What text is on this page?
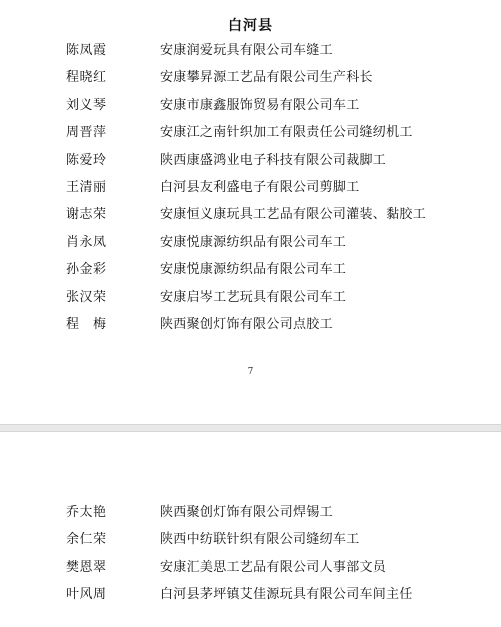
白河县
陈凤霞	安康润爱玩具有限公司车缝工
程晓红	安康攀昇源工艺品有限公司生产科长
刘义琴	安康市康鑫服饰贸易有限公司车工
周晋萍	安康江之南针织加工有限责任公司缝纫机工
陈爱玲	陕西康盛鸿业电子科技有限公司裁脚工
王清丽	白河县友利盛电子有限公司剪脚工
谢志荣	安康恒义康玩具工艺品有限公司灌装、黏胶工
肖永凤	安康悦康源纺织品有限公司车工
孙金彩	安康悦康源纺织品有限公司车工
张汉荣	安康启岑工艺玩具有限公司车工
程　梅	陕西聚创灯饰有限公司点胶工
7
乔太艳	陕西聚创灯饰有限公司焊锡工
余仁荣	陕西中纺联针织有限公司缝纫车工
樊恩翠	安康汇美思工艺品有限公司人事部文员
叶风周	白河县茅坪镇艾佳源玩具有限公司车间主任
